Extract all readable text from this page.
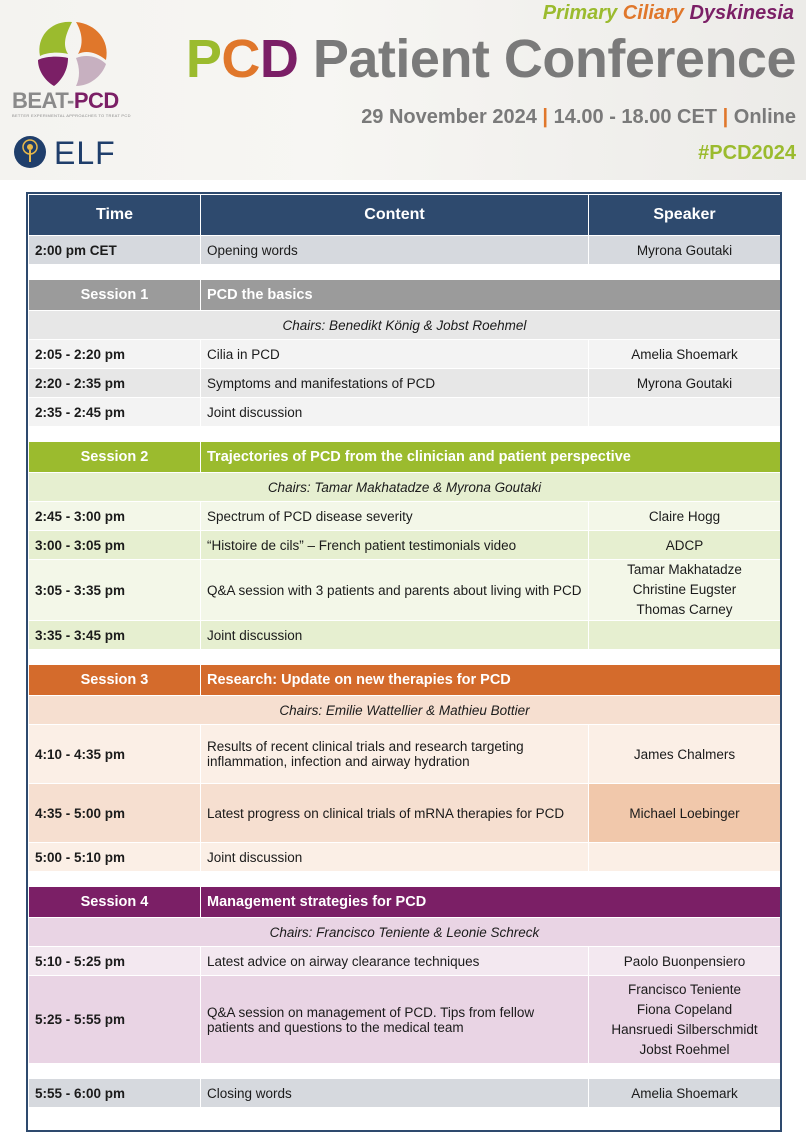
BEAT-PCD
BETTER EXPERIMENTAL APPROACHES TO TREAT PCD
ELF
Primary Ciliary Dyskinesia
PCD Patient Conference
29 November 2024 | 14.00 - 18.00 CET | Online
#PCD2024
Time	Content	Speaker
2:00 pm CET	Opening words	Myrona Goutaki

Session 1	PCD the basics	
Chairs: Benedikt König & Jobst Roehmel		
2:05 - 2:20 pm	Cilia in PCD	Amelia Shoemark
2:20 - 2:35 pm	Symptoms and manifestations of PCD	Myrona Goutaki
2:35 - 2:45 pm	Joint discussion	

Session 2	Trajectories of PCD from the clinician and patient perspective	
Chairs: Tamar Makhatadze & Myrona Goutaki		
2:45 - 3:00 pm	Spectrum of PCD disease severity	Claire Hogg
3:00 - 3:05 pm	“Histoire de cils” – French patient testimonials video	ADCP
3:05 - 3:35 pm	Q&A session with 3 patients and parents about living with PCD	Tamar Makhatadze
Christine Eugster
Thomas Carney

3:35 - 3:45 pm	Joint discussion	

Session 3	Research: Update on new therapies for PCD	
Chairs: Emilie Wattellier & Mathieu Bottier		
4:10 - 4:35 pm	Results of recent clinical trials and research targeting inflammation, infection and airway hydration	James Chalmers
4:35 - 5:00 pm	Latest progress on clinical trials of mRNA therapies for PCD	Michael Loebinger
5:00 - 5:10 pm	Joint discussion	

Session 4	Management strategies for PCD	
Chairs: Francisco Teniente & Leonie Schreck		
5:10 - 5:25 pm	Latest advice on airway clearance techniques	Paolo Buonpensiero
5:25 - 5:55 pm	Q&A session on management of PCD. Tips from fellow patients and questions to the medical team	Francisco Teniente
Fiona Copeland
Hansruedi Silberschmidt
Jobst Roehmel

5:55 - 6:00 pm	Closing words	Amelia Shoemark
